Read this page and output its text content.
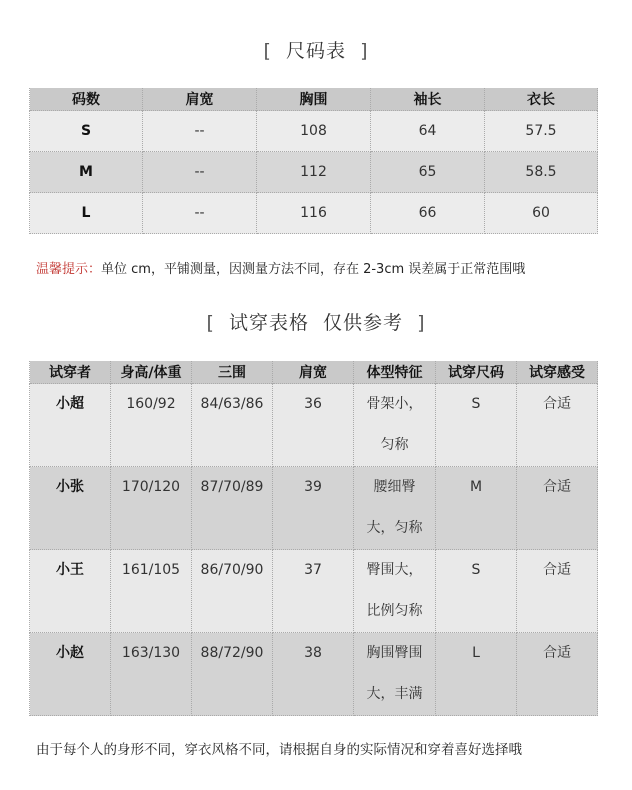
[ 尺码表 ]
码数	肩宽	胸围	袖长	衣长
S	--	108	64	57.5
M	--	112	65	58.5
L	--	116	66	60
温馨提示：单位 cm，平铺测量，因测量方法不同，存在 2-3cm 误差属于正常范围哦
[ 试穿表格  仅供参考 ]
试穿者	身高/体重	三围	肩宽	体型特征	试穿尺码	试穿感受
小超	160/92	84/63/86	36	骨架小，匀称	S	合适
小张	170/120	87/70/89	39	腰细臀大，匀称	M	合适
小王	161/105	86/70/90	37	臀围大，比例匀称	S	合适
小赵	163/130	88/72/90	38	胸围臀围大，丰满	L	合适
由于每个人的身形不同，穿衣风格不同，请根据自身的实际情况和穿着喜好选择哦
